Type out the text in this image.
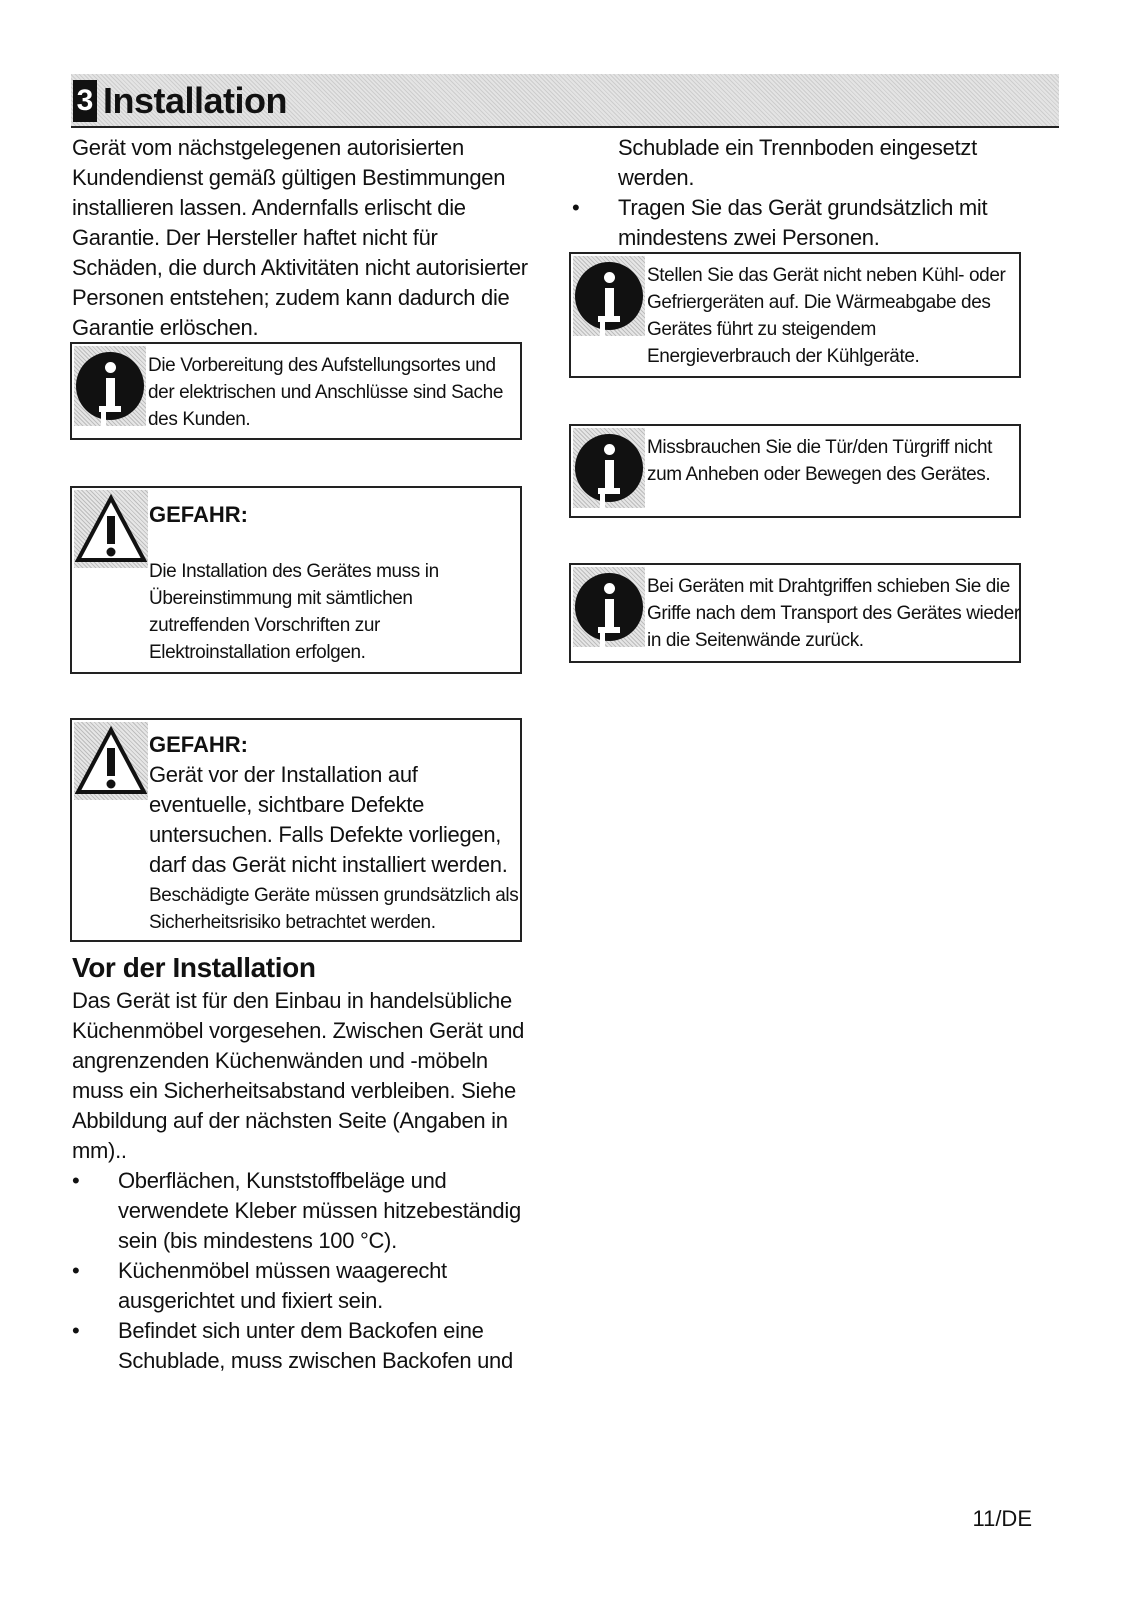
3 Installation

Gerät vom nächstgelegenen autorisierten Kundendienst gemäß gültigen Bestimmungen installieren lassen. Andernfalls erlischt die Garantie. Der Hersteller haftet nicht für Schäden, die durch Aktivitäten nicht autorisierter Personen entstehen; zudem kann dadurch die Garantie erlöschen.

Die Vorbereitung des Aufstellungsortes und der elektrischen und Anschlüsse sind Sache des Kunden.
GEFAHR:
Die Installation des Gerätes muss in Übereinstimmung mit sämtlichen zutreffenden Vorschriften zur Elektroinstallation erfolgen.
GEFAHR:
Gerät vor der Installation auf eventuelle, sichtbare Defekte untersuchen. Falls Defekte vorliegen, darf das Gerät nicht installiert werden.
Beschädigte Geräte müssen grundsätzlich als Sicherheitsrisiko betrachtet werden.
Vor der Installation

Das Gerät ist für den Einbau in handelsübliche Küchenmöbel vorgesehen. Zwischen Gerät und angrenzenden Küchenwänden und -möbeln muss ein Sicherheitsabstand verbleiben. Siehe Abbildung auf der nächsten Seite (Angaben in mm)..

• Oberflächen, Kunststoffbeläge und verwendete Kleber müssen hitzebeständig sein (bis mindestens 100 °C).
• Küchenmöbel müssen waagerecht ausgerichtet und fixiert sein.
• Befindet sich unter dem Backofen eine Schublade, muss zwischen Backofen und

Schublade ein Trennboden eingesetzt werden.

• Tragen Sie das Gerät grundsätzlich mit mindestens zwei Personen.
Stellen Sie das Gerät nicht neben Kühl- oder Gefriergeräten auf. Die Wärmeabgabe des Gerätes führt zu steigendem Energieverbrauch der Kühlgeräte.
Missbrauchen Sie die Tür/den Türgriff nicht zum Anheben oder Bewegen des Gerätes.
Bei Geräten mit Drahtgriffen schieben Sie die Griffe nach dem Transport des Gerätes wieder in die Seitenwände zurück.
11/DE
